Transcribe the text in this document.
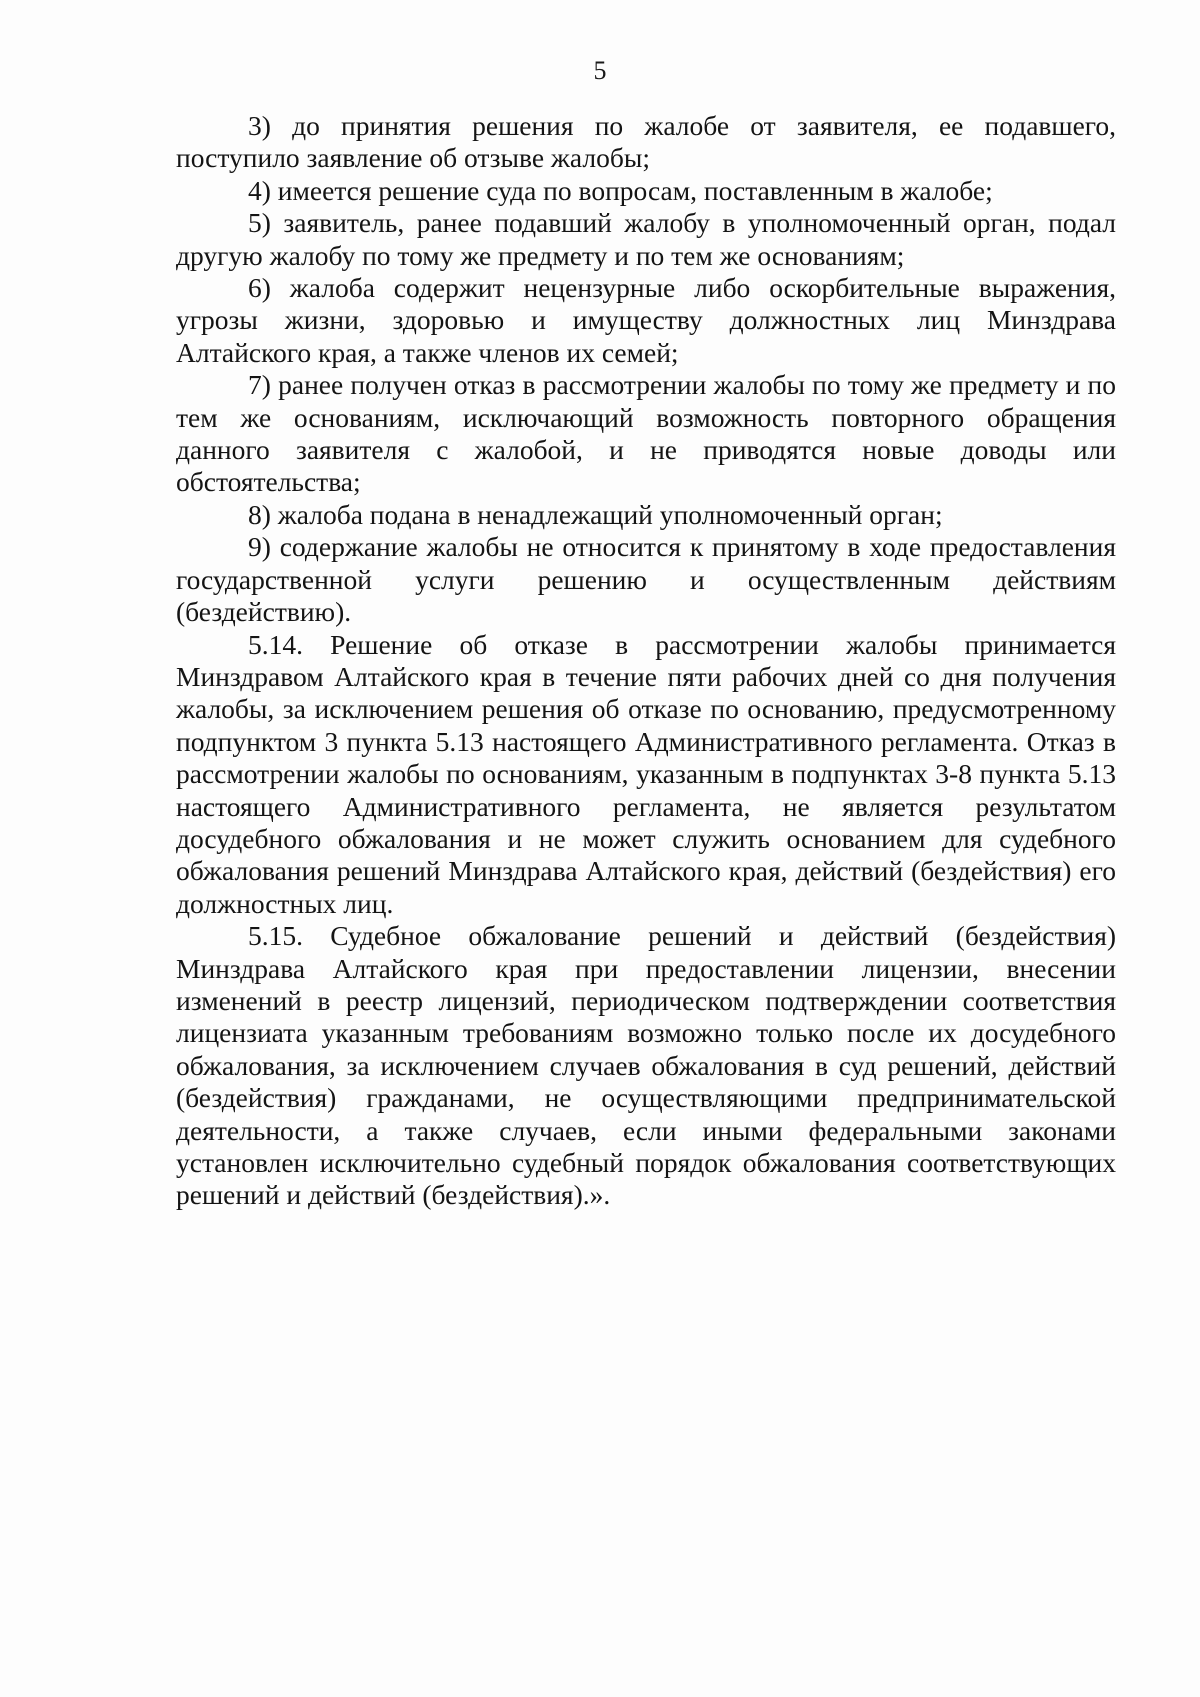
5

3) до принятия решения по жалобе от заявителя, ее подавшего, поступило заявление об отзыве жалобы;

4) имеется решение суда по вопросам, поставленным в жалобе;

5) заявитель, ранее подавший жалобу в уполномоченный орган, подал другую жалобу по тому же предмету и по тем же основаниям;

6) жалоба содержит нецензурные либо оскорбительные выражения, угрозы жизни, здоровью и имуществу должностных лиц Минздрава Алтайского края, а также членов их семей;

7) ранее получен отказ в рассмотрении жалобы по тому же предмету и по тем же основаниям, исключающий возможность повторного обращения данного заявителя с жалобой, и не приводятся новые доводы или обстоятельства;

8) жалоба подана в ненадлежащий уполномоченный орган;

9) содержание жалобы не относится к принятому в ходе предоставления государственной услуги решению и осуществленным действиям (бездействию).

5.14. Решение об отказе в рассмотрении жалобы принимается Минздравом Алтайского края в течение пяти рабочих дней со дня получения жалобы, за исключением решения об отказе по основанию, предусмотренному подпунктом 3 пункта 5.13 настоящего Административного регламента. Отказ в рассмотрении жалобы по основаниям, указанным в подпунктах 3-8 пункта 5.13 настоящего Административного регламента, не является результатом досудебного обжалования и не может служить основанием для судебного обжалования решений Минздрава Алтайского края, действий (бездействия) его должностных лиц.

5.15. Судебное обжалование решений и действий (бездействия) Минздрава Алтайского края при предоставлении лицензии, внесении изменений в реестр лицензий, периодическом подтверждении соответствия лицензиата указанным требованиям возможно только после их досудебного обжалования, за исключением случаев обжалования в суд решений, действий (бездействия) гражданами, не осуществляющими предпринимательской деятельности, а также случаев, если иными федеральными законами установлен исключительно судебный порядок обжалования соответствующих решений и действий (бездействия).».
